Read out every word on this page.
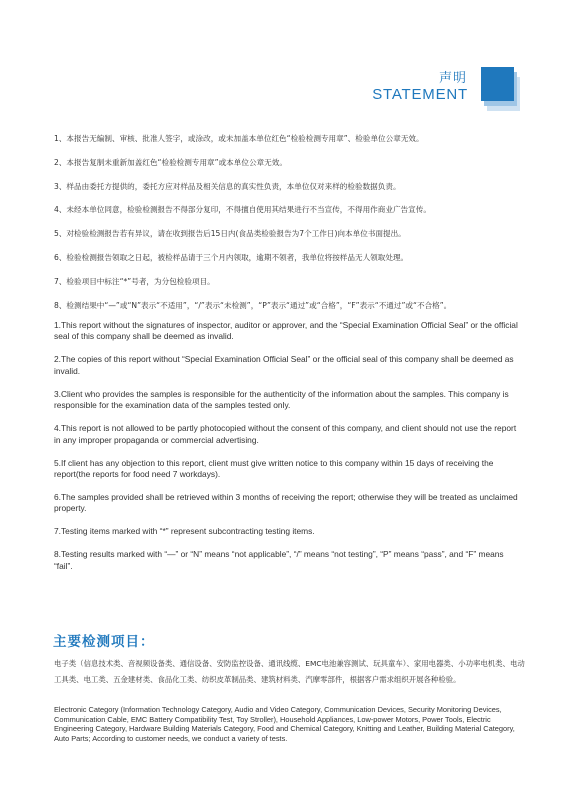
声明
STATEMENT
1、本报告无编制、审核、批准人签字，或涂改，或未加盖本单位红色“检验检测专用章”、检验单位公章无效。
2、本报告复制未重新加盖红色“检验检测专用章”或本单位公章无效。
3、样品由委托方提供的，委托方应对样品及相关信息的真实性负责，本单位仅对来样的检验数据负责。
4、未经本单位同意，检验检测报告不得部分复印，不得擅自使用其结果进行不当宣传，不得用作商业广告宣传。
5、对检验检测报告若有异议，请在收到报告后15日内(食品类检验报告为7个工作日)向本单位书面提出。
6、检验检测报告领取之日起，被检样品请于三个月内领取，逾期不领者，我单位将按样品无人领取处理。
7、检验项目中标注“*”号者，为分包检验项目。
8、检测结果中“—”或“N”表示“不适用”，“/”表示“未检测”，“P”表示“通过”或“合格”，“F”表示“不通过”或“不合格”。
1.This report without the signatures of inspector, auditor or approver, and the “Special Examination Official Seal” or the official seal of this company shall be deemed as invalid.
2.The copies of this report without “Special Examination Official Seal” or the official seal of this company shall be deemed as invalid.
3.Client who provides the samples is responsible for the authenticity of the information about the samples. This company is responsible for the examination data of the samples tested only.
4.This report is not allowed to be partly photocopied without the consent of this company, and client should not use the report in any improper propaganda or commercial advertising.
5.If client has any objection to this report, client must give written notice to this company within 15 days of receiving the report(the reports for food need 7 workdays).
6.The samples provided shall be retrieved within 3 months of receiving the report; otherwise they will be treated as unclaimed property.
7.Testing items marked with “*” represent subcontracting testing items.
8.Testing results marked with “—” or “N” means “not applicable”, “/” means “not testing”, “P” means “pass”, and “F” means “fail”.
主要检测项目：
电子类（信息技术类、音视频设备类、通信设备、安防监控设备、通讯线缆、EMC电池兼容测试、玩具童车）、家用电器类、小功率电机类、电动工具类、电工类、五金建材类、食品化工类、纺织皮革制品类、建筑材料类、汽摩零部件，根据客户需求组织开展各种检验。
Electronic Category (Information Technology Category, Audio and Video Category, Communication Devices, Security Monitoring Devices, Communication Cable, EMC Battery Compatibility Test, Toy Stroller), Household Appliances, Low-power Motors, Power Tools, Electric Engineering Category, Hardware Building Materials Category, Food and Chemical Category, Knitting and Leather, Building Material Category, Auto Parts; According to customer needs, we conduct a variety of tests.
